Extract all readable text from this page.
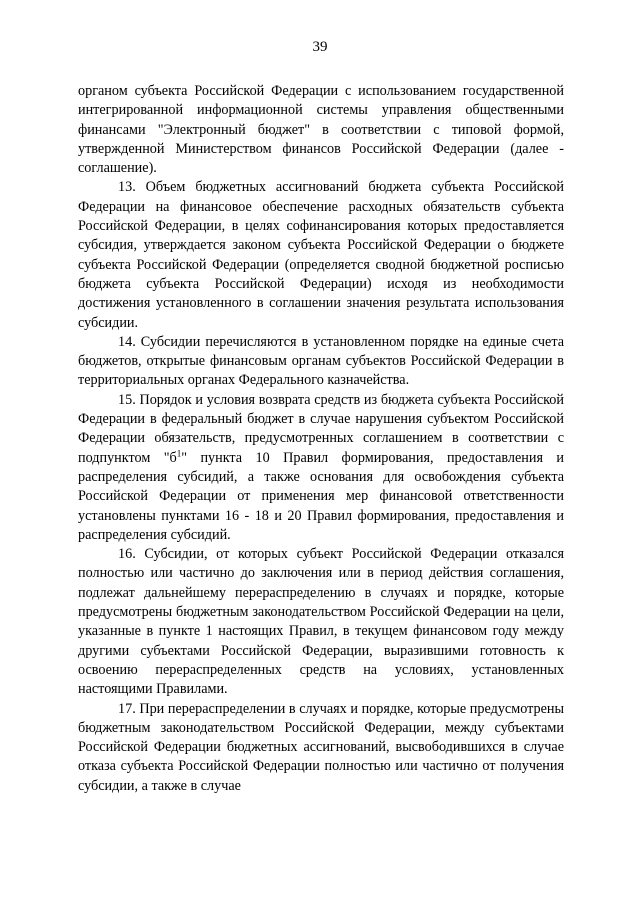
39

органом субъекта Российской Федерации с использованием государственной интегрированной информационной системы управления общественными финансами "Электронный бюджет" в соответствии с типовой формой, утвержденной Министерством финансов Российской Федерации (далее - соглашение).

13. Объем бюджетных ассигнований бюджета субъекта Российской Федерации на финансовое обеспечение расходных обязательств субъекта Российской Федерации, в целях софинансирования которых предоставляется субсидия, утверждается законом субъекта Российской Федерации о бюджете субъекта Российской Федерации (определяется сводной бюджетной росписью бюджета субъекта Российской Федерации) исходя из необходимости достижения установленного в соглашении значения результата использования субсидии.

14. Субсидии перечисляются в установленном порядке на единые счета бюджетов, открытые финансовым органам субъектов Российской Федерации в территориальных органах Федерального казначейства.

15. Порядок и условия возврата средств из бюджета субъекта Российской Федерации в федеральный бюджет в случае нарушения субъектом Российской Федерации обязательств, предусмотренных соглашением в соответствии с подпунктом "$б^1$" пункта 10 Правил формирования, предоставления и распределения субсидий, а также основания для освобождения субъекта Российской Федерации от применения мер финансовой ответственности установлены пунктами 16 - 18 и 20 Правил формирования, предоставления и распределения субсидий.

16. Субсидии, от которых субъект Российской Федерации отказался полностью или частично до заключения или в период действия соглашения, подлежат дальнейшему перераспределению в случаях и порядке, которые предусмотрены бюджетным законодательством Российской Федерации на цели, указанные в пункте 1 настоящих Правил, в текущем финансовом году между другими субъектами Российской Федерации, выразившими готовность к освоению перераспределенных средств на условиях, установленных настоящими Правилами.

17. При перераспределении в случаях и порядке, которые предусмотрены бюджетным законодательством Российской Федерации, между субъектами Российской Федерации бюджетных ассигнований, высвободившихся в случае отказа субъекта Российской Федерации полностью или частично от получения субсидии, а также в случае
